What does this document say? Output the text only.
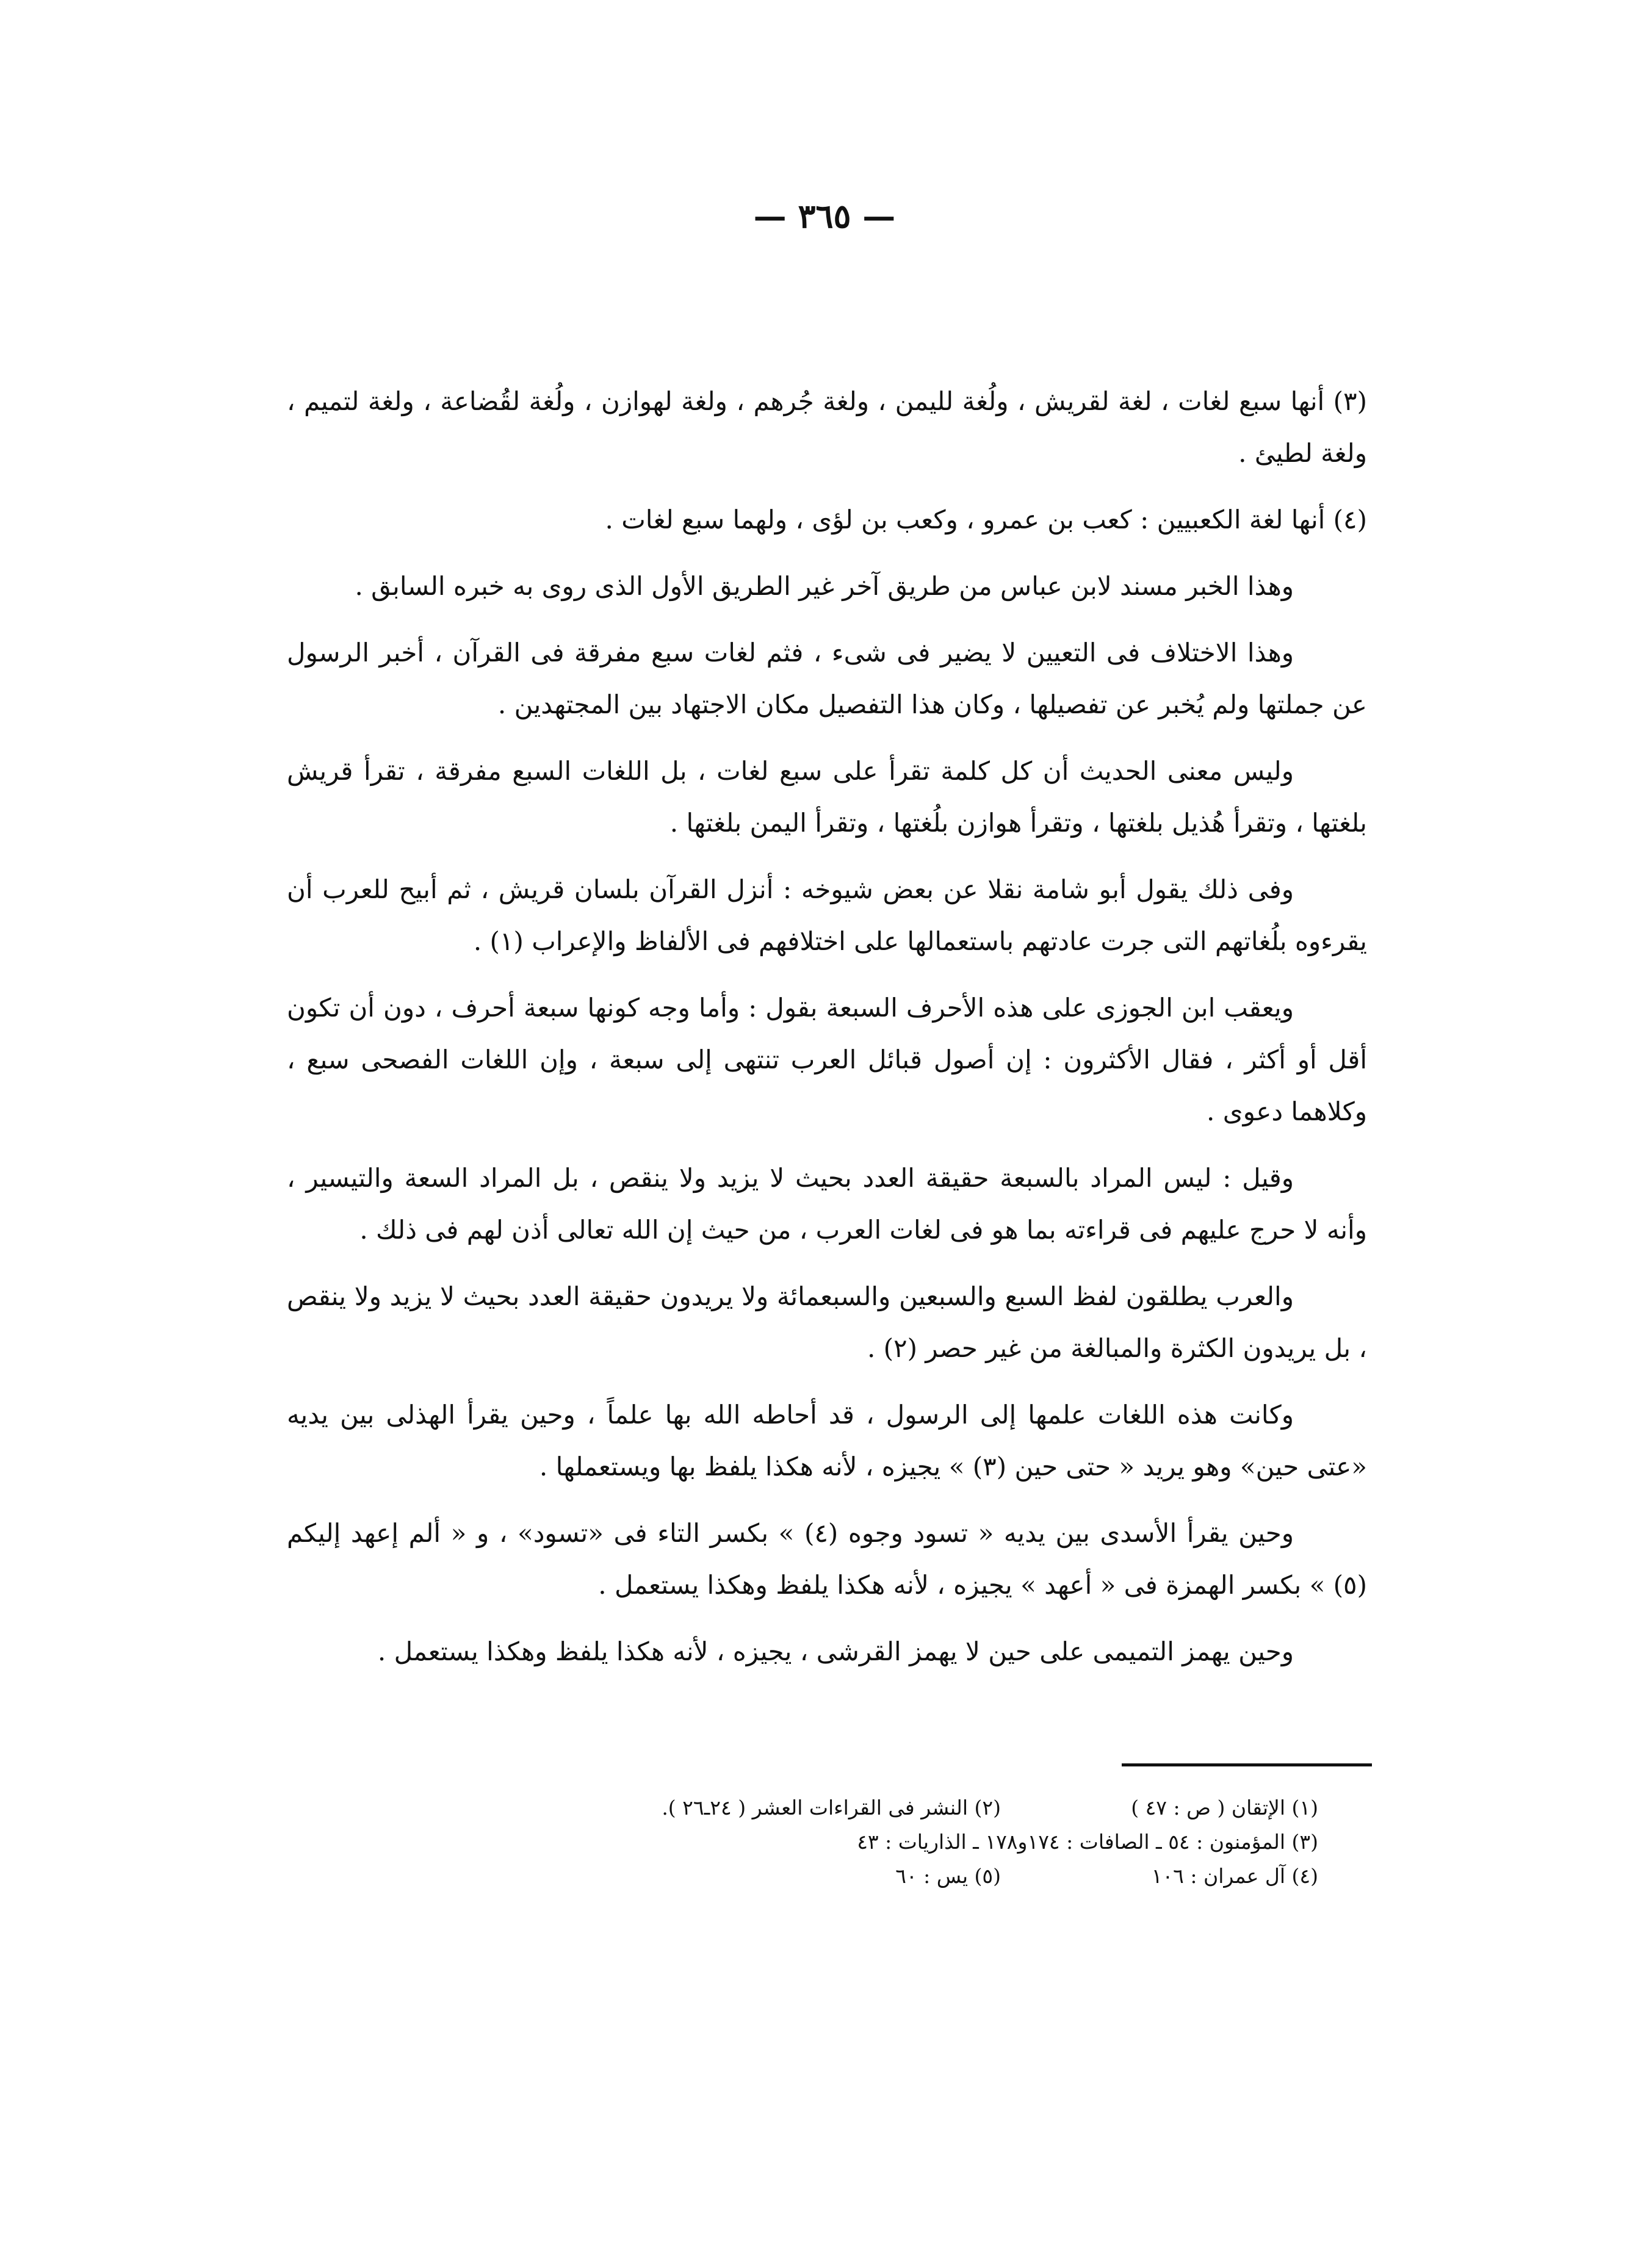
— ٣٦٥ —

(٣) أنها سبع لغات ، لغة لقريش ، ولُغة لليمن ، ولغة جُرهم ، ولغة لهوازن ، ولُغة لقُضاعة ، ولغة لتميم ، ولغة لطيئ .

(٤) أنها لغة الكعبيين : كعب بن عمرو ، وكعب بن لؤى ، ولهما سبع لغات .

وهذا الخبر مسند لابن عباس من طريق آخر غير الطريق الأول الذى روى به خبره السابق .

وهذا الاختلاف فى التعيين لا يضير فى شىء ، فثم لغات سبع مفرقة فى القرآن ، أخبر الرسول عن جملتها ولم يُخبر عن تفصيلها ، وكان هذا التفصيل مكان الاجتهاد بين المجتهدين .

وليس معنى الحديث أن كل كلمة تقرأ على سبع لغات ، بل اللغات السبع مفرقة ، تقرأ قريش بلغتها ، وتقرأ هُذيل بلغتها ، وتقرأ هوازن بلُغتها ، وتقرأ اليمن بلغتها .

وفى ذلك يقول أبو شامة نقلا عن بعض شيوخه : أنزل القرآن بلسان قريش ، ثم أبيح للعرب أن يقرءوه بلُغاتهم التى جرت عادتهم باستعمالها على اختلافهم فى الألفاظ والإعراب (١) .

ويعقب ابن الجوزى على هذه الأحرف السبعة بقول : وأما وجه كونها سبعة أحرف ، دون أن تكون أقل أو أكثر ، فقال الأكثرون : إن أصول قبائل العرب تنتهى إلى سبعة ، وإن اللغات الفصحى سبع ، وكلاهما دعوى .

وقيل : ليس المراد بالسبعة حقيقة العدد بحيث لا يزيد ولا ينقص ، بل المراد السعة والتيسير ، وأنه لا حرج عليهم فى قراءته بما هو فى لغات العرب ، من حيث إن الله تعالى أذن لهم فى ذلك .

والعرب يطلقون لفظ السبع والسبعين والسبعمائة ولا يريدون حقيقة العدد بحيث لا يزيد ولا ينقص ، بل يريدون الكثرة والمبالغة من غير حصر (٢) .

وكانت هذه اللغات علمها إلى الرسول ، قد أحاطه الله بها علماً ، وحين يقرأ الهذلى بين يديه «عتى حين» وهو يريد « حتى حين (٣) » يجيزه ، لأنه هكذا يلفظ بها ويستعملها .

وحين يقرأ الأسدى بين يديه « تسود وجوه (٤) » بكسر التاء فى «تسود» ، و « ألم إعهد إليكم (٥) » بكسر الهمزة فى « أعهد » يجيزه ، لأنه هكذا يلفظ وهكذا يستعمل .

وحين يهمز التميمى على حين لا يهمز القرشى ، يجيزه ، لأنه هكذا يلفظ وهكذا يستعمل .

(١) الإتقان ( ص : ٤٧ )
(٢) النشر فى القراءات العشر ( ٢٤ـ٢٦ ).
(٣) المؤمنون : ٥٤ ـ الصافات : ١٧٤و١٧٨ ـ الذاريات : ٤٣
(٤) آل عمران : ١٠٦
(٥) يس : ٦٠
